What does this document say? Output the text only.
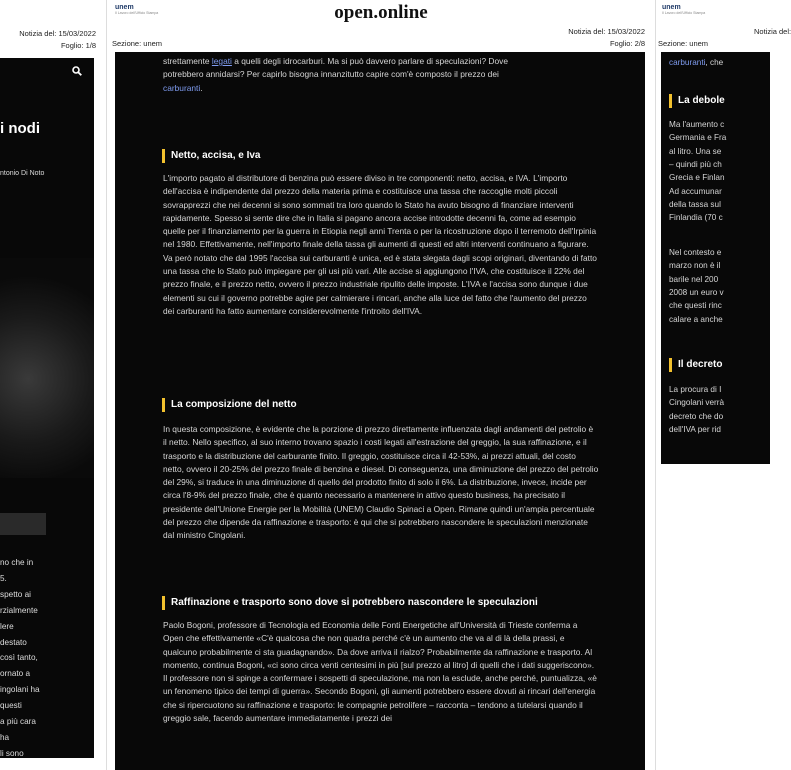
Notizia del: 15/03/2022
Foglio: 1/8
i nodi
ntonio Di Noto
no che in
5.
spetto ai
rzialmente
lere
destato
così tanto,
ornato a
ingolani ha
questi
a più cara
ha
li sono
unem
Il Lavoro dell'Ufficio Stampa	open.online
Notizia del: 15/03/2022
Foglio: 2/8
Sezione: unem

strettamente legati a quelli degli idrocarburi. Ma si può davvero parlare di speculazioni? Dove

potrebbero annidarsi? Per capirlo bisogna innanzitutto capire com'è composto il prezzo dei

carburanti.

Netto, accisa, e Iva
L'importo pagato al distributore di benzina può essere diviso in tre componenti: netto, accisa, e IVA. L'importo dell'accisa è indipendente dal prezzo della materia prima e costituisce una tassa che raccoglie molti piccoli sovrapprezzi che nei decenni si sono sommati tra loro quando lo Stato ha avuto bisogno di finanziare interventi rapidamente. Spesso si sente dire che in Italia si pagano ancora accise introdotte decenni fa, come ad esempio quelle per il finanziamento per la guerra in Etiopia negli anni Trenta o per la ricostruzione dopo il terremoto dell'Irpinia nel 1980. Effettivamente, nell'importo finale della tassa gli aumenti di questi ed altri interventi continuano a figurare. Va però notato che dal 1995 l'accisa sui carburanti è unica, ed è stata slegata dagli scopi originari, diventando di fatto una tassa che lo Stato può impiegare per gli usi più vari. Alle accise si aggiungono l'IVA, che costituisce il 22% del prezzo finale, e il prezzo netto, ovvero il prezzo industriale ripulito delle imposte. L'IVA e l'accisa sono dunque i due elementi su cui il governo potrebbe agire per calmierare i rincari, anche alla luce del fatto che l'aumento del prezzo dei carburanti ha fatto aumentare considerevolmente l'introito dell'IVA.
La composizione del netto
In questa composizione, è evidente che la porzione di prezzo direttamente influenzata dagli andamenti del petrolio è il netto. Nello specifico, al suo interno trovano spazio i costi legati all'estrazione del greggio, la sua raffinazione, e il trasporto e la distribuzione del carburante finito. Il greggio, costituisce circa il 42-53%, ai prezzi attuali, del costo netto, ovvero il 20-25% del prezzo finale di benzina e diesel. Di conseguenza, una diminuzione del prezzo del petrolio del 29%, si traduce in una diminuzione di quello del prodotto finito di solo il 6%. La distribuzione, invece, incide per circa l'8-9% del prezzo finale, che è quanto necessario a mantenere in attivo questo business, ha precisato il presidente dell'Unione Energie per la Mobilità (UNEM) Claudio Spinaci a Open. Rimane quindi un'ampia percentuale del prezzo che dipende da raffinazione e trasporto: è qui che si potrebbero nascondere le speculazioni menzionate dal ministro Cingolani.
Raffinazione e trasporto sono dove si potrebbero nascondere le speculazioni
Paolo Bogoni, professore di Tecnologia ed Economia delle Fonti Energetiche all'Università di Trieste conferma a Open che effettivamente «C'è qualcosa che non quadra perché c'è un aumento che va al di là della prassi, e qualcuno probabilmente ci sta guadagnando». Da dove arriva il rialzo? Probabilmente da raffinazione e trasporto. Al momento, continua Bogoni, «ci sono circa venti centesimi in più [sul prezzo al litro] di quelli che i dati suggeriscono». Il professore non si spinge a confermare i sospetti di speculazione, ma non la esclude, anche perché, puntualizza, «è un fenomeno tipico dei tempi di guerra». Secondo Bogoni, gli aumenti potrebbero essere dovuti ai rincari dell'energia che si ripercuotono su raffinazione e trasporto: le compagnie petrolifere – racconta – tendono a tutelarsi quando il greggio sale, facendo aumentare immediatamente i prezzi dei
unem
Il Lavoro dell'Ufficio Stampa
Notizia del:
Sezione: unem
carburanti, che
La debole
Ma l'aumento c
Germania e Fra
al litro. Una se
– quindi più ch
Grecia e Finlan
Ad accumunar
della tassa sul
Finlandia (70 c
Nel contesto e
marzo non è il
barile nel 200
2008 un euro v
che questi rinc
calare a anche
Il decreto
La procura di I
Cingolani verrà
decreto che do
dell'IVA per rid
